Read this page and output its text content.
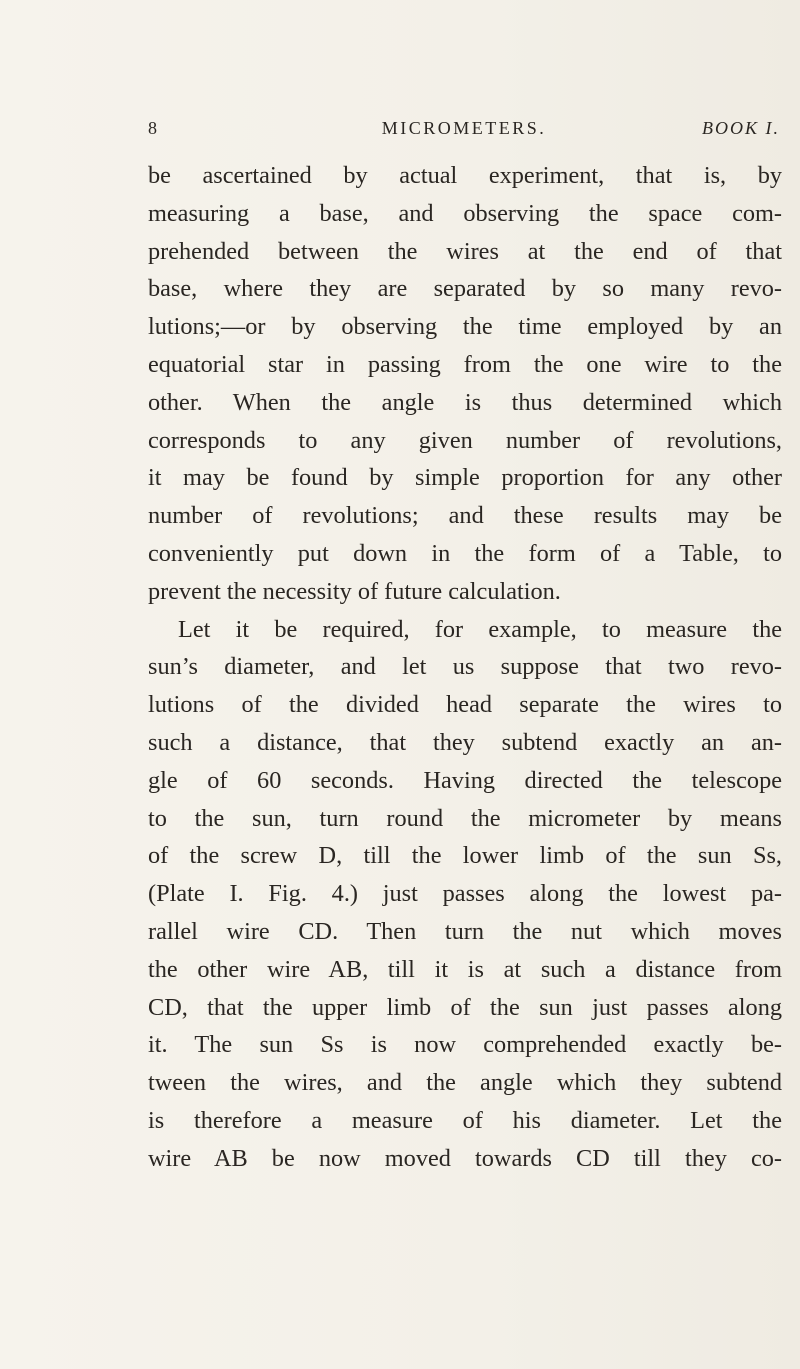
8	MICROMETERS.	BOOK I.
be ascertained by actual experiment, that is, by
measuring a base, and observing the space com-
prehended between the wires at the end of that
base, where they are separated by so many revo-
lutions;—or by observing the time employed by an
equatorial star in passing from the one wire to the
other. When the angle is thus determined which
corresponds to any given number of revolutions,
it may be found by simple proportion for any other
number of revolutions; and these results may be
conveniently put down in the form of a Table, to
prevent the necessity of future calculation.
Let it be required, for example, to measure the
sun’s diameter, and let us suppose that two revo-
lutions of the divided head separate the wires to
such a distance, that they subtend exactly an an-
gle of 60 seconds. Having directed the telescope
to the sun, turn round the micrometer by means
of the screw D, till the lower limb of the sun Ss,
(Plate I. Fig. 4.) just passes along the lowest pa-
rallel wire CD. Then turn the nut which moves
the other wire AB, till it is at such a distance from
CD, that the upper limb of the sun just passes along
it. The sun Ss is now comprehended exactly be-
tween the wires, and the angle which they subtend
is therefore a measure of his diameter. Let the
wire AB be now moved towards CD till they co-
